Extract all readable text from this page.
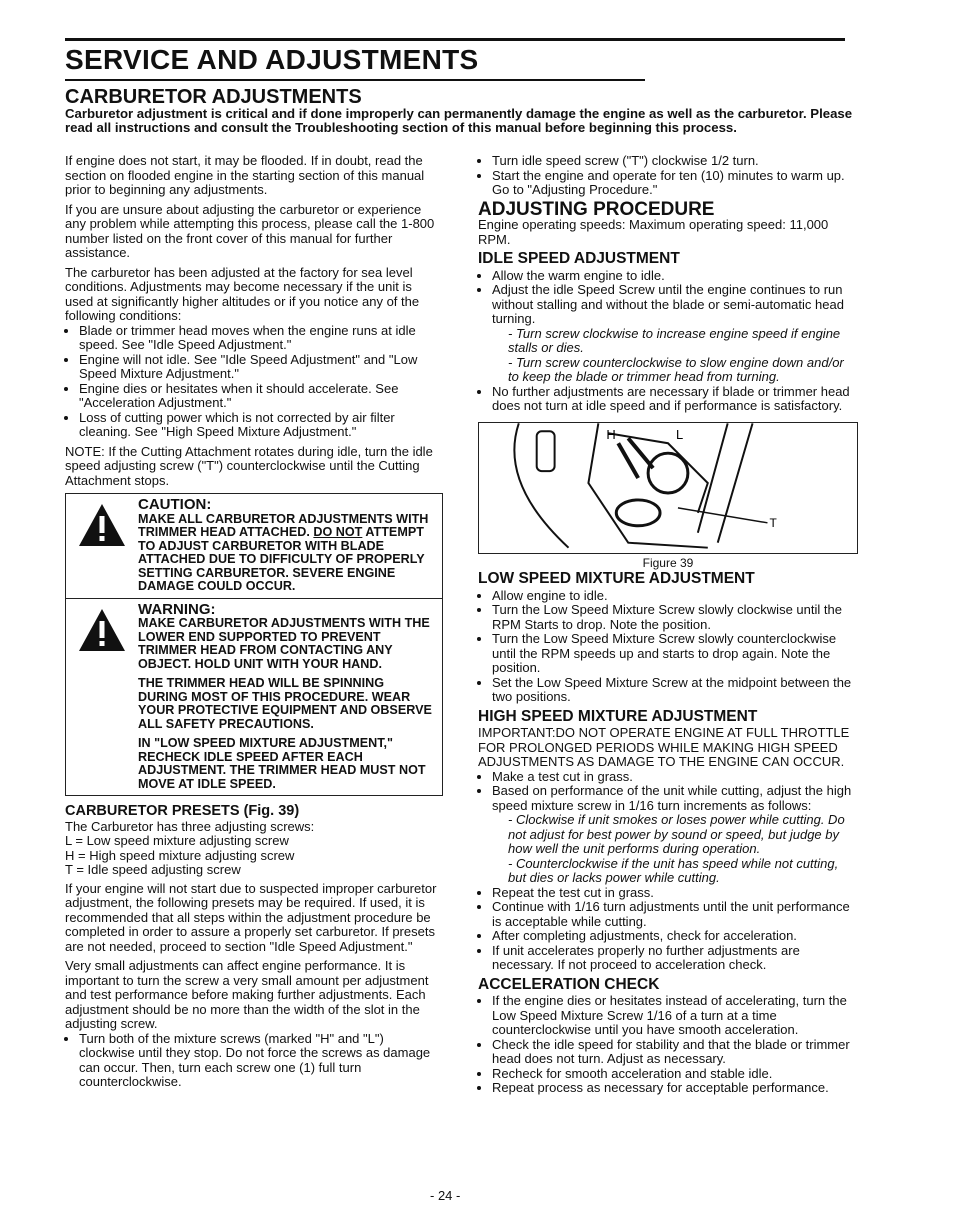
SERVICE AND ADJUSTMENTS
CARBURETOR ADJUSTMENTS

Carburetor adjustment is critical and if done improperly can permanently damage the engine as well as the carburetor. Please read all instructions and consult the Troubleshooting section of this manual before beginning this process.

If engine does not start, it may be flooded. If in doubt, read the section on flooded engine in the starting section of this manual prior to beginning any adjustments.

If you are unsure about adjusting the carburetor or experience any problem while attempting this process, please call the 1-800 number listed on the front cover of this manual for further assistance.

The carburetor has been adjusted at the factory for sea level conditions. Adjustments may become necessary if the unit is used at significantly higher altitudes or if you notice any of the following conditions:

• Blade or trimmer head moves when the engine runs at idle speed. See "Idle Speed Adjustment."
• Engine will not idle. See "Idle Speed Adjustment" and "Low Speed Mixture Adjustment."
• Engine dies or hesitates when it should accelerate. See "Acceleration Adjustment."
• Loss of cutting power which is not corrected by air filter cleaning. See "High Speed Mixture Adjustment."

NOTE: If the Cutting Attachment rotates during idle, turn the idle speed adjusting screw ("T") counterclockwise until the Cutting Attachment stops.

CAUTION:
MAKE ALL CARBURETOR ADJUSTMENTS WITH TRIMMER HEAD ATTACHED. DO NOT ATTEMPT TO ADJUST CARBURETOR WITH BLADE ATTACHED DUE TO DIFFICULTY OF PROPERLY SETTING CARBURETOR. SEVERE ENGINE DAMAGE COULD OCCUR.
WARNING:

MAKE CARBURETOR ADJUSTMENTS WITH THE LOWER END SUPPORTED TO PREVENT TRIMMER HEAD FROM CONTACTING ANY OBJECT. HOLD UNIT WITH YOUR HAND.

THE TRIMMER HEAD WILL BE SPINNING DURING MOST OF THIS PROCEDURE. WEAR YOUR PROTECTIVE EQUIPMENT AND OBSERVE ALL SAFETY PRECAUTIONS.

IN "LOW SPEED MIXTURE ADJUSTMENT," RECHECK IDLE SPEED AFTER EACH ADJUSTMENT. THE TRIMMER HEAD MUST NOT MOVE AT IDLE SPEED.

CARBURETOR PRESETS (Fig. 39)
The Carburetor has three adjusting screws:
L = Low speed mixture adjusting screw
H = High speed mixture adjusting screw
T = Idle speed adjusting screw

If your engine will not start due to suspected improper carburetor adjustment, the following presets may be required. If used, it is recommended that all steps within the adjustment procedure be completed in order to assure a properly set carburetor. If presets are not needed, proceed to section "Idle Speed Adjustment."

Very small adjustments can affect engine performance. It is important to turn the screw a very small amount per adjustment and test performance before making further adjustments. Each adjustment should be no more than the width of the slot in the adjusting screw.

• Turn both of the mixture screws (marked "H" and "L") clockwise until they stop. Do not force the screws as damage can occur. Then, turn each screw one (1) full turn counterclockwise.
• Turn idle speed screw ("T") clockwise 1/2 turn.
• Start the engine and operate for ten (10) minutes to warm up. Go to "Adjusting Procedure."
ADJUSTING PROCEDURE

Engine operating speeds: Maximum operating speed: 11,000 RPM.

IDLE SPEED ADJUSTMENT
• Allow the warm engine to idle.
• Adjust the idle Speed Screw until the engine continues to run without stalling and without the blade or semi-automatic head turning.
- Turn screw clockwise to increase engine speed if engine stalls or dies.
- Turn screw counterclockwise to slow engine down and/or to keep the blade or trimmer head from turning.
• No further adjustments are necessary if blade or trimmer head does not turn at idle speed and if performance is satisfactory.
H	L
T
Figure 39
LOW SPEED MIXTURE ADJUSTMENT
• Allow engine to idle.
• Turn the Low Speed Mixture Screw slowly clockwise until the RPM Starts to drop. Note the position.
• Turn the Low Speed Mixture Screw slowly counterclockwise until the RPM speeds up and starts to drop again. Note the position.
• Set the Low Speed Mixture Screw at the midpoint between the two positions.
HIGH SPEED MIXTURE ADJUSTMENT
IMPORTANT:DO NOT OPERATE ENGINE AT FULL THROTTLE FOR PROLONGED PERIODS WHILE MAKING HIGH SPEED ADJUSTMENTS AS DAMAGE TO THE ENGINE CAN OCCUR.
• Make a test cut in grass.
• Based on performance of the unit while cutting, adjust the high speed mixture screw in 1/16 turn increments as follows:
- Clockwise if unit smokes or loses power while cutting. Do not adjust for best power by sound or speed, but judge by how well the unit performs during operation.
- Counterclockwise if the unit has speed while not cutting, but dies or lacks power while cutting.
• Repeat the test cut in grass.
• Continue with 1/16 turn adjustments until the unit performance is acceptable while cutting.
• After completing adjustments, check for acceleration.
• If unit accelerates properly no further adjustments are necessary. If not proceed to acceleration check.
ACCELERATION CHECK
• If the engine dies or hesitates instead of accelerating, turn the Low Speed Mixture Screw 1/16 of a turn at a time counterclockwise until you have smooth acceleration.
• Check the idle speed for stability and that the blade or trimmer head does not turn. Adjust as necessary.
• Recheck for smooth acceleration and stable idle.
• Repeat process as necessary for acceptable performance.
- 24 -
